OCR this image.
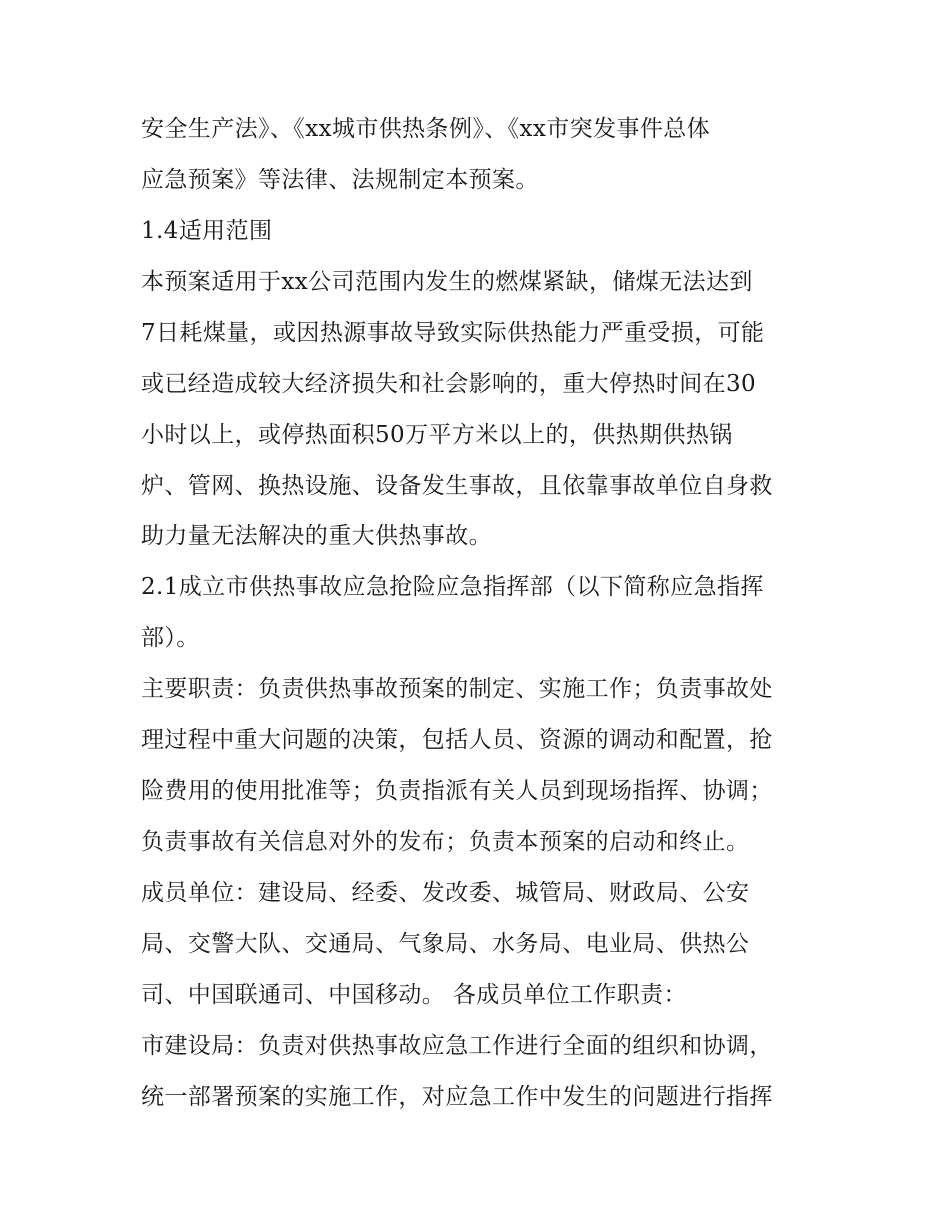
安全生产法》、《xx城市供热条例》、《xx市突发事件总体
应急预案》等法律、法规制定本预案。
1.4适用范围
本预案适用于xx公司范围内发生的燃煤紧缺，储煤无法达到
7日耗煤量，或因热源事故导致实际供热能力严重受损，可能
或已经造成较大经济损失和社会影响的，重大停热时间在30
小时以上，或停热面积50万平方米以上的，供热期供热锅
炉、管网、换热设施、设备发生事故，且依靠事故单位自身救
助力量无法解决的重大供热事故。
2.1成立市供热事故应急抢险应急指挥部（以下简称应急指挥
部）。
主要职责：负责供热事故预案的制定、实施工作；负责事故处
理过程中重大问题的决策，包括人员、资源的调动和配置，抢
险费用的使用批准等；负责指派有关人员到现场指挥、协调；
负责事故有关信息对外的发布；负责本预案的启动和终止。
成员单位：建设局、经委、发改委、城管局、财政局、公安
局、交警大队、交通局、气象局、水务局、电业局、供热公
司、中国联通司、中国移动。 各成员单位工作职责：
市建设局：负责对供热事故应急工作进行全面的组织和协调，
统一部署预案的实施工作，对应急工作中发生的问题进行指挥
